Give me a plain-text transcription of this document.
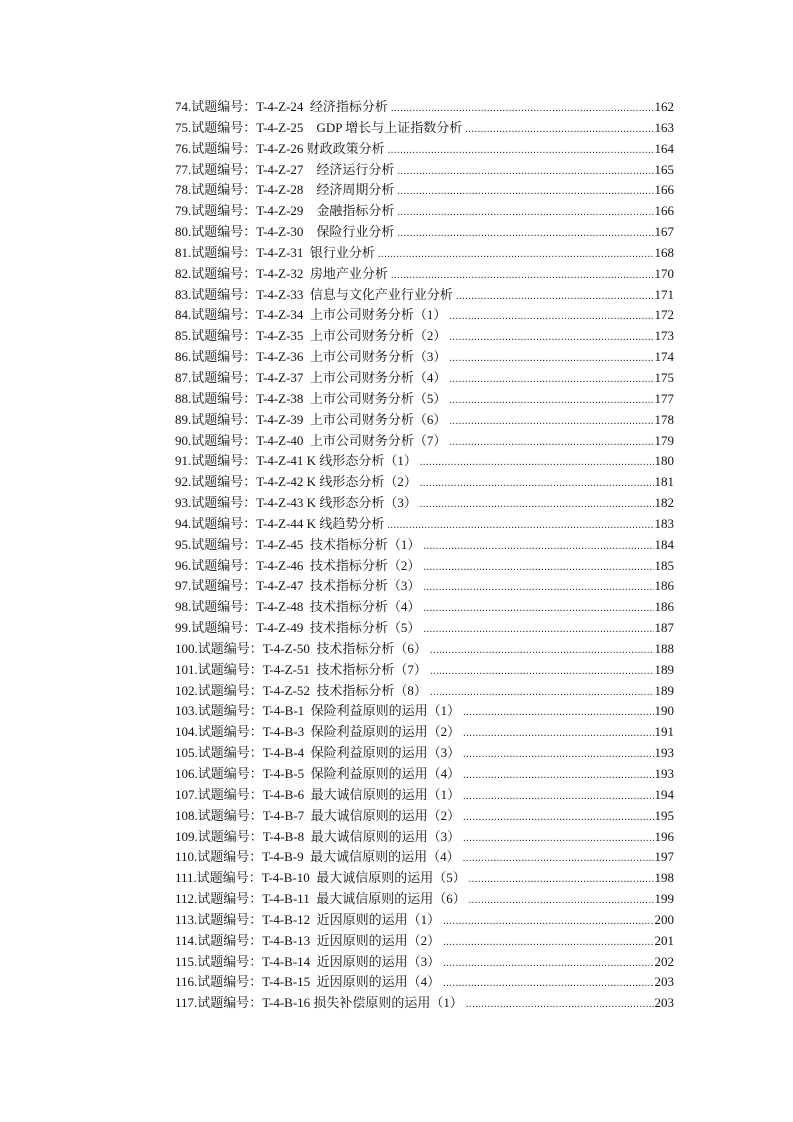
74.试题编号：T-4-Z-24  经济指标分析 .....	162
75.试题编号：T-4-Z-25    GDP 增长与上证指数分析 .....	163
76.试题编号：T-4-Z-26 财政政策分析 .....	164
77.试题编号：T-4-Z-27    经济运行分析 .....	165
78.试题编号：T-4-Z-28    经济周期分析 .....	166
79.试题编号：T-4-Z-29    金融指标分析 .....	166
80.试题编号：T-4-Z-30    保险行业分析 .....	167
81.试题编号：T-4-Z-31  银行业分析 .....	168
82.试题编号：T-4-Z-32  房地产业分析 .....	170
83.试题编号：T-4-Z-33  信息与文化产业行业分析 .....	171
84.试题编号：T-4-Z-34  上市公司财务分析（1） .....	172
85.试题编号：T-4-Z-35  上市公司财务分析（2） .....	173
86.试题编号：T-4-Z-36  上市公司财务分析（3） .....	174
87.试题编号：T-4-Z-37  上市公司财务分析（4） .....	175
88.试题编号：T-4-Z-38  上市公司财务分析（5） .....	177
89.试题编号：T-4-Z-39  上市公司财务分析（6） .....	178
90.试题编号：T-4-Z-40  上市公司财务分析（7） .....	179
91.试题编号：T-4-Z-41 K 线形态分析（1） .....	180
92.试题编号：T-4-Z-42 K 线形态分析（2） .....	181
93.试题编号：T-4-Z-43 K 线形态分析（3） .....	182
94.试题编号：T-4-Z-44 K 线趋势分析 .....	183
95.试题编号：T-4-Z-45  技术指标分析（1） .....	184
96.试题编号：T-4-Z-46  技术指标分析（2） .....	185
97.试题编号：T-4-Z-47  技术指标分析（3） .....	186
98.试题编号：T-4-Z-48  技术指标分析（4） .....	186
99.试题编号：T-4-Z-49  技术指标分析（5） .....	187
100.试题编号：T-4-Z-50  技术指标分析（6） .....	188
101.试题编号：T-4-Z-51  技术指标分析（7） .....	189
102.试题编号：T-4-Z-52  技术指标分析（8） .....	189
103.试题编号：T-4-B-1  保险利益原则的运用（1） .....	190
104.试题编号：T-4-B-3  保险利益原则的运用（2） .....	191
105.试题编号：T-4-B-4  保险利益原则的运用（3） .....	193
106.试题编号：T-4-B-5  保险利益原则的运用（4） .....	193
107.试题编号：T-4-B-6  最大诚信原则的运用（1） .....	194
108.试题编号：T-4-B-7  最大诚信原则的运用（2） .....	195
109.试题编号：T-4-B-8  最大诚信原则的运用（3） .....	196
110.试题编号：T-4-B-9  最大诚信原则的运用（4） .....	197
111.试题编号：T-4-B-10  最大诚信原则的运用（5） .....	198
112.试题编号：T-4-B-11  最大诚信原则的运用（6） .....	199
113.试题编号：T-4-B-12  近因原则的运用（1） .....	200
114.试题编号：T-4-B-13  近因原则的运用（2） .....	201
115.试题编号：T-4-B-14  近因原则的运用（3） .....	202
116.试题编号：T-4-B-15  近因原则的运用（4） .....	203
117.试题编号：T-4-B-16 损失补偿原则的运用（1） .....	203
